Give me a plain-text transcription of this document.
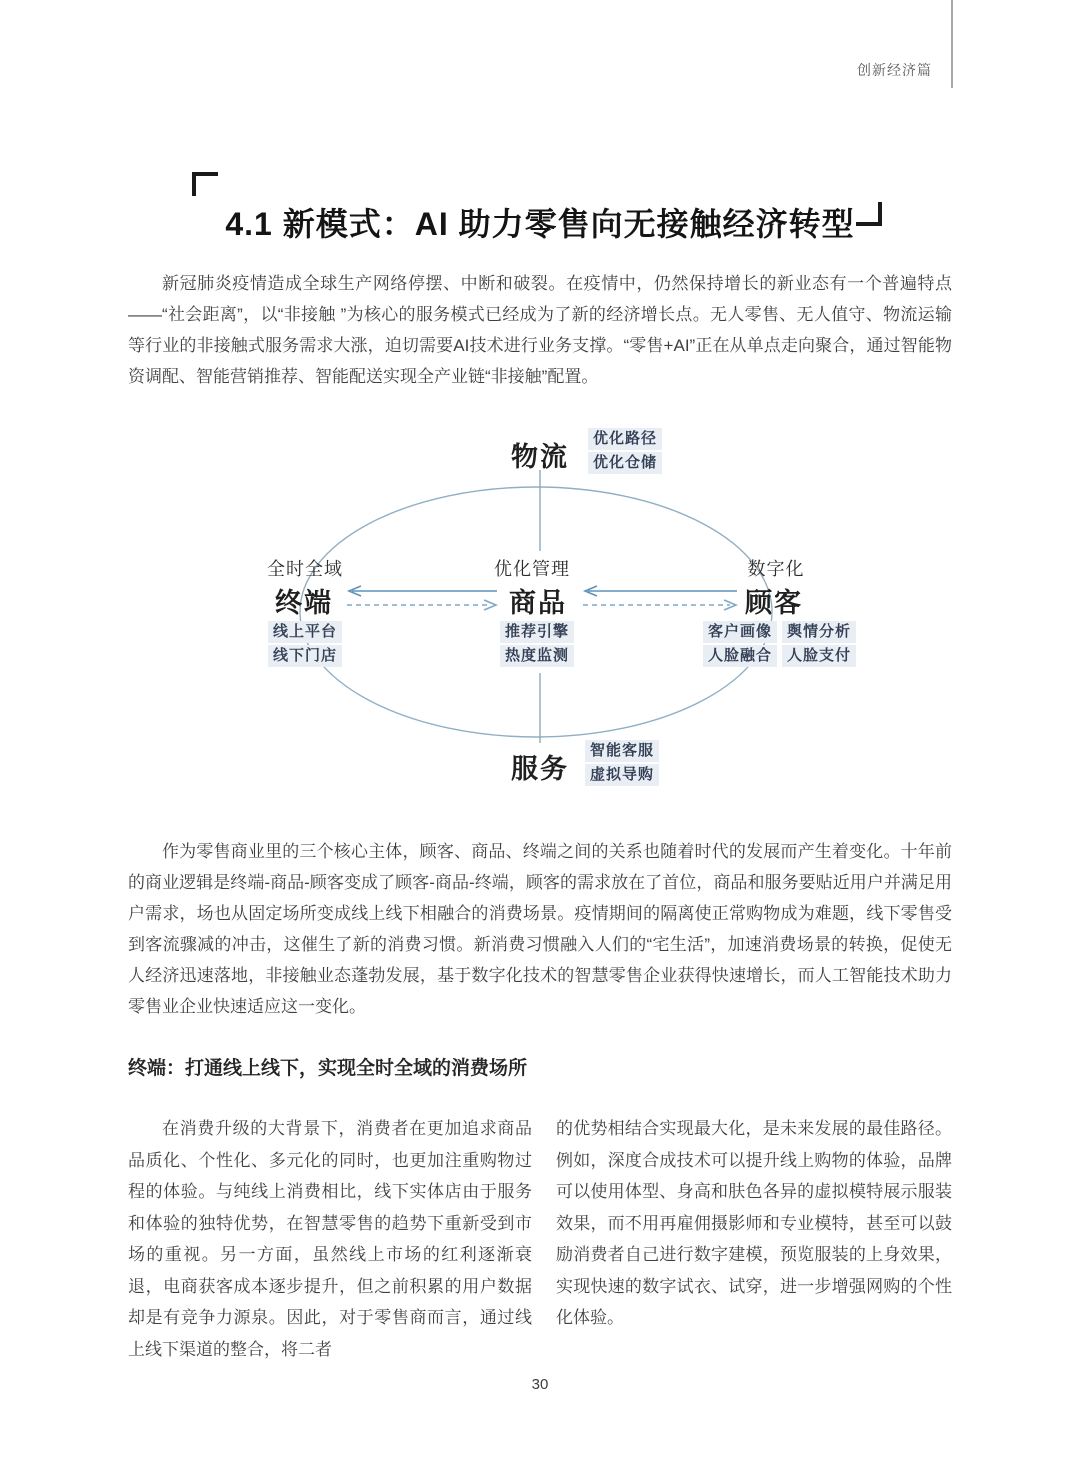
创新经济篇
4.1 新模式：AI 助力零售向无接触经济转型

新冠肺炎疫情造成全球生产网络停摆、中断和破裂。在疫情中，仍然保持增长的新业态有一个普遍特点 ——“社会距离”，以“非接触 ”为核心的服务模式已经成为了新的经济增长点。无人零售、无人值守、物流运输等行业的非接触式服务需求大涨，迫切需要AI技术进行业务支撑。“零售+AI”正在从单点走向聚合，通过智能物资调配、智能营销推荐、智能配送实现全产业链“非接触”配置。

物流
优化路径
优化仓储
全时全域
终端
线上平台
线下门店
优化管理
商品
推荐引擎
热度监测
数字化
顾客
客户画像	舆情分析
人脸融合	人脸支付
服务
智能客服
虚拟导购

作为零售商业里的三个核心主体，顾客、商品、终端之间的关系也随着时代的发展而产生着变化。十年前的商业逻辑是终端-商品-顾客变成了顾客-商品-终端，顾客的需求放在了首位，商品和服务要贴近用户并满足用户需求，场也从固定场所变成线上线下相融合的消费场景。疫情期间的隔离使正常购物成为难题，线下零售受到客流骤减的冲击，这催生了新的消费习惯。新消费习惯融入人们的“宅生活”，加速消费场景的转换，促使无人经济迅速落地，非接触业态蓬勃发展，基于数字化技术的智慧零售企业获得快速增长，而人工智能技术助力零售业企业快速适应这一变化。

终端：打通线上线下，实现全时全域的消费场所

在消费升级的大背景下，消费者在更加追求商品品质化、个性化、多元化的同时，也更加注重购物过程的体验。与纯线上消费相比，线下实体店由于服务和体验的独特优势，在智慧零售的趋势下重新受到市场的重视。另一方面，虽然线上市场的红利逐渐衰退，电商获客成本逐步提升，但之前积累的用户数据却是有竞争力源泉。因此，对于零售商而言，通过线上线下渠道的整合，将二者

的优势相结合实现最大化，是未来发展的最佳路径。例如，深度合成技术可以提升线上购物的体验，品牌可以使用体型、身高和肤色各异的虚拟模特展示服装效果，而不用再雇佣摄影师和专业模特，甚至可以鼓励消费者自己进行数字建模，预览服装的上身效果，实现快速的数字试衣、试穿，进一步增强网购的个性化体验。

30
